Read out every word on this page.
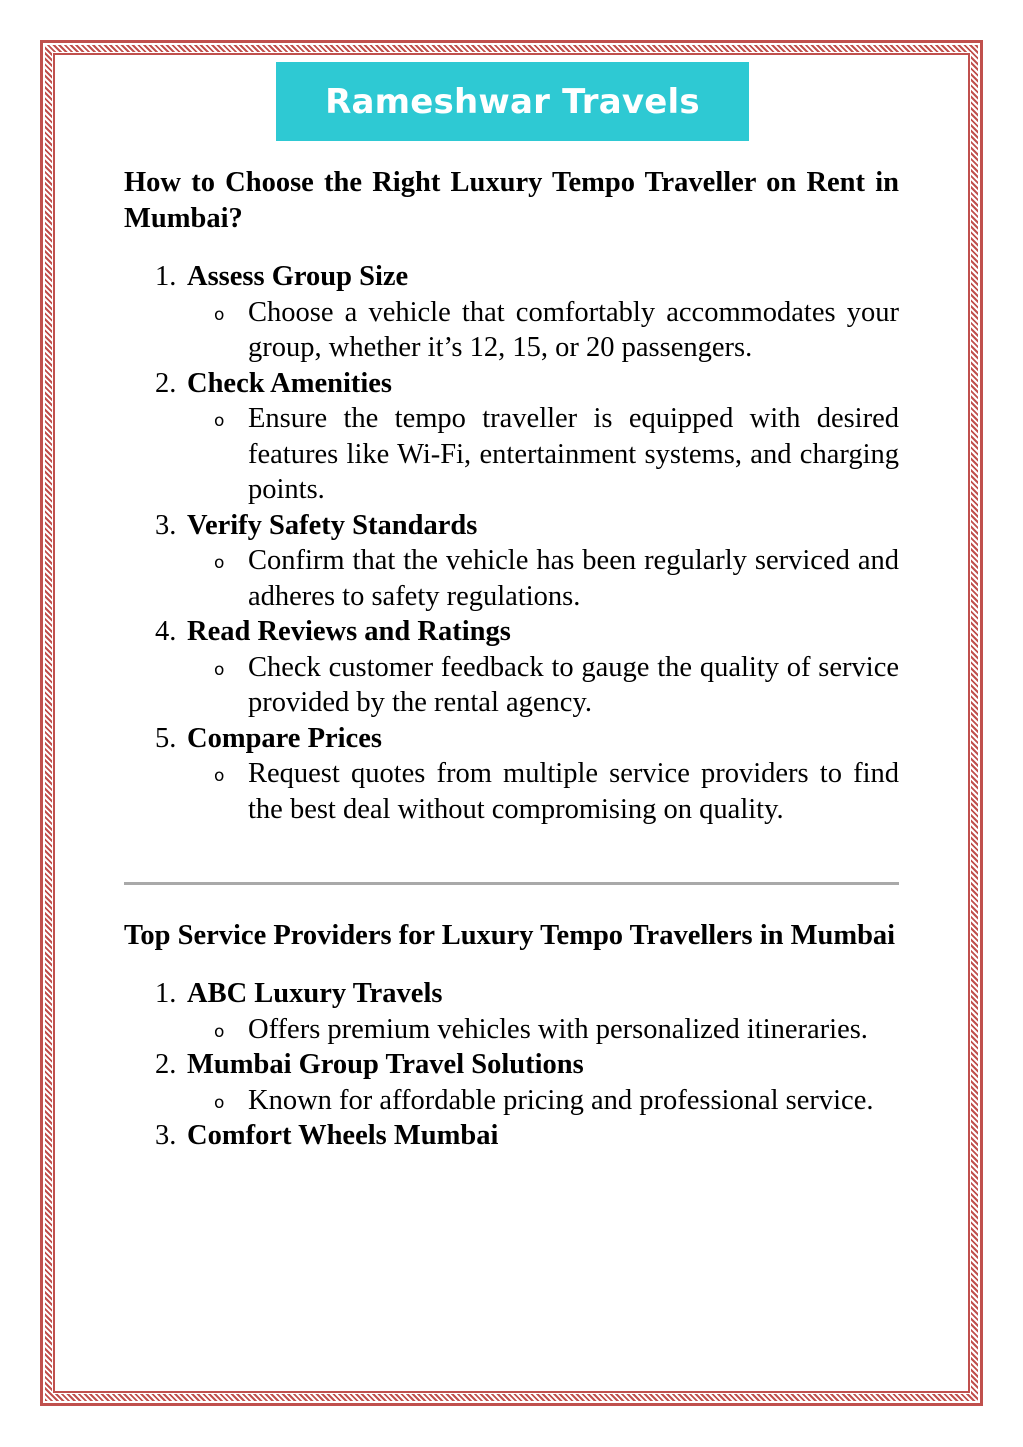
Rameshwar Travels
How to Choose the Right Luxury Tempo Traveller on Rent in Mumbai?
1. Assess Group Size
o Choose a vehicle that comfortably accommodates your group, whether it’s 12, 15, or 20 passengers.
2. Check Amenities
o Ensure the tempo traveller is equipped with desired features like Wi-Fi, entertainment systems, and charging points.
3. Verify Safety Standards
o Confirm that the vehicle has been regularly serviced and adheres to safety regulations.
4. Read Reviews and Ratings
o Check customer feedback to gauge the quality of service provided by the rental agency.
5. Compare Prices
o Request quotes from multiple service providers to find the best deal without compromising on quality.
Top Service Providers for Luxury Tempo Travellers in Mumbai
1. ABC Luxury Travels
o Offers premium vehicles with personalized itineraries.
2. Mumbai Group Travel Solutions
o Known for affordable pricing and professional service.
3. Comfort Wheels Mumbai
